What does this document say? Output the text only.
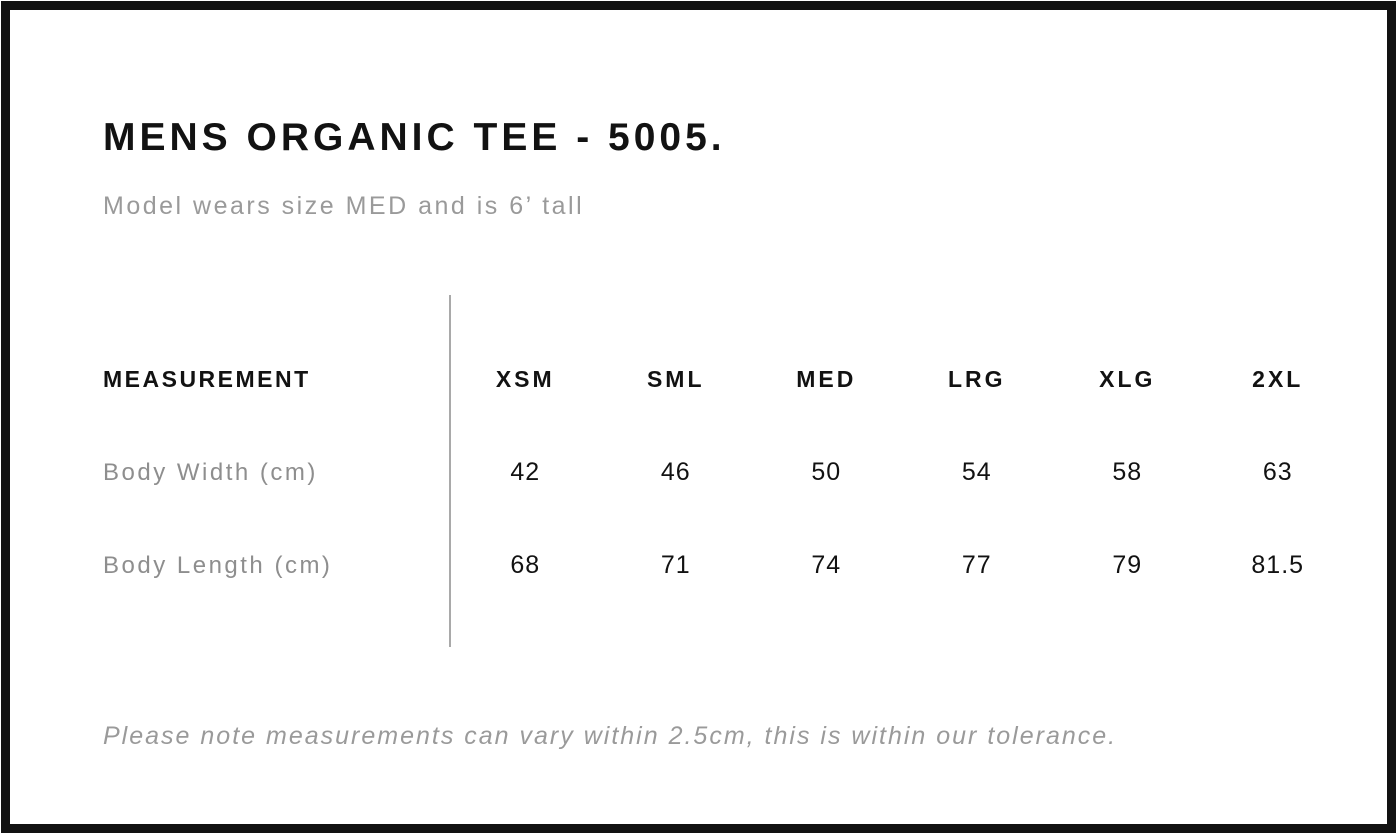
MENS ORGANIC TEE - 5005.
Model wears size MED and is 6’ tall
MEASUREMENT	XSM	SML	MED	LRG	XLG	2XL
Body Width (cm)	42	46	50	54	58	63
Body Length (cm)	68	71	74	77	79	81.5
Please note measurements can vary within 2.5cm, this is within our tolerance.
